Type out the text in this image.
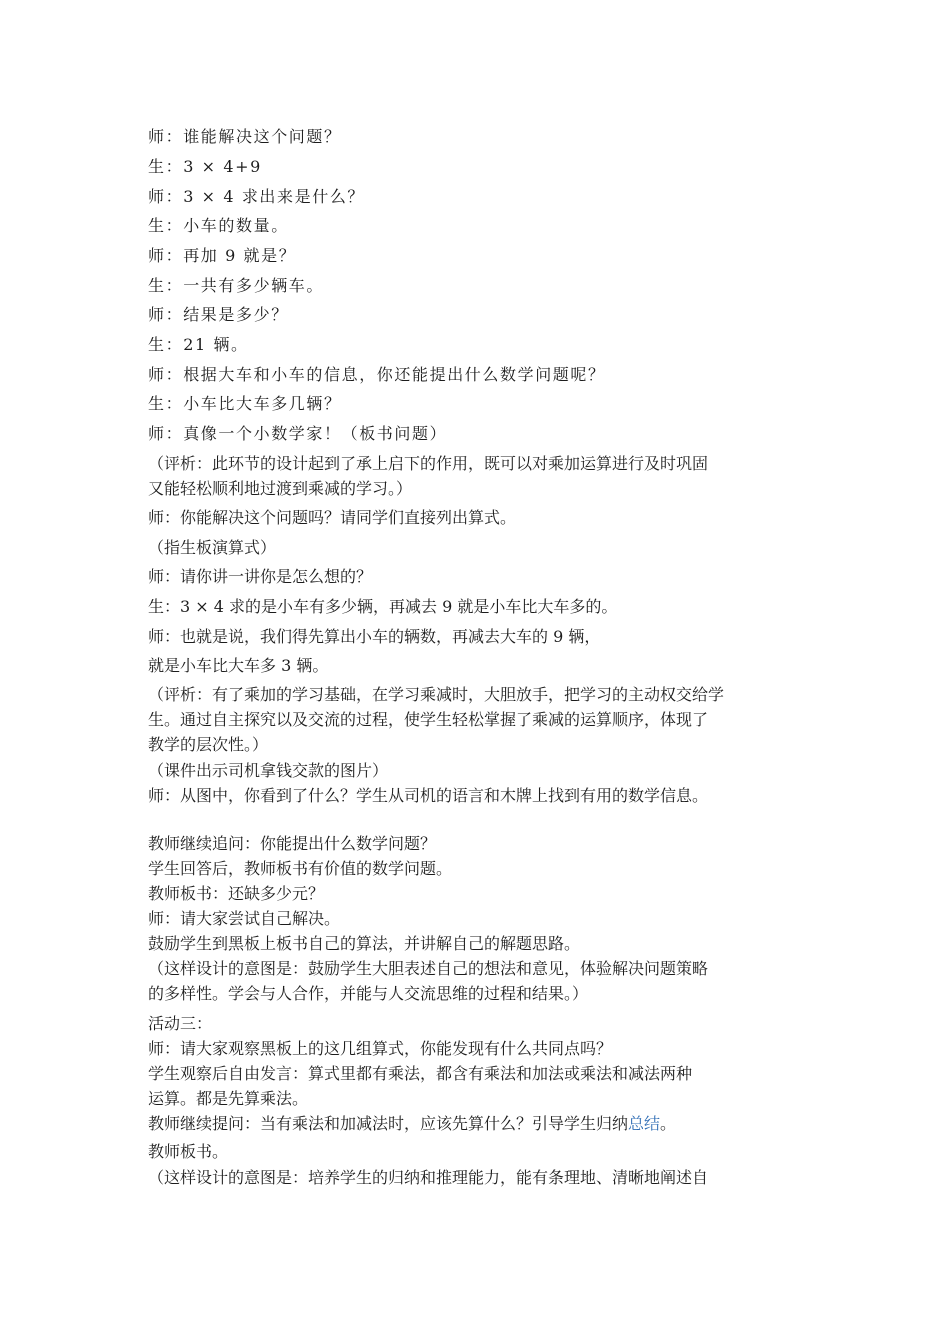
师：谁能解决这个问题？
生：3 × 4+9
师：3 × 4 求出来是什么？
生：小车的数量。
师：再加 9 就是？
生：一共有多少辆车。
师：结果是多少？
生：21 辆。
师：根据大车和小车的信息，你还能提出什么数学问题呢？
生：小车比大车多几辆？
师：真像一个小数学家！（板书问题）
（评析：此环节的设计起到了承上启下的作用，既可以对乘加运算进行及时巩固
又能轻松顺利地过渡到乘减的学习。）
师：你能解决这个问题吗？请同学们直接列出算式。
（指生板演算式）
师：请你讲一讲你是怎么想的？
生：3 × 4 求的是小车有多少辆，再减去 9 就是小车比大车多的。
师：也就是说，我们得先算出小车的辆数，再减去大车的 9 辆，
就是小车比大车多 3 辆。
（评析：有了乘加的学习基础，在学习乘减时，大胆放手，把学习的主动权交给学
生。通过自主探究以及交流的过程，使学生轻松掌握了乘减的运算顺序，体现了
教学的层次性。）
（课件出示司机拿钱交款的图片）
师：从图中，你看到了什么？学生从司机的语言和木牌上找到有用的数学信息。
教师继续追问：你能提出什么数学问题？
学生回答后，教师板书有价值的数学问题。
教师板书：还缺多少元？
师：请大家尝试自己解决。
鼓励学生到黑板上板书自己的算法，并讲解自己的解题思路。
（这样设计的意图是：鼓励学生大胆表述自己的想法和意见，体验解决问题策略
的多样性。学会与人合作，并能与人交流思维的过程和结果。）
活动三：
师：请大家观察黑板上的这几组算式，你能发现有什么共同点吗？
学生观察后自由发言：算式里都有乘法，都含有乘法和加法或乘法和减法两种
运算。都是先算乘法。
教师继续提问：当有乘法和加减法时，应该先算什么？引导学生归纳总结。
教师板书。
（这样设计的意图是：培养学生的归纳和推理能力，能有条理地、清晰地阐述自
